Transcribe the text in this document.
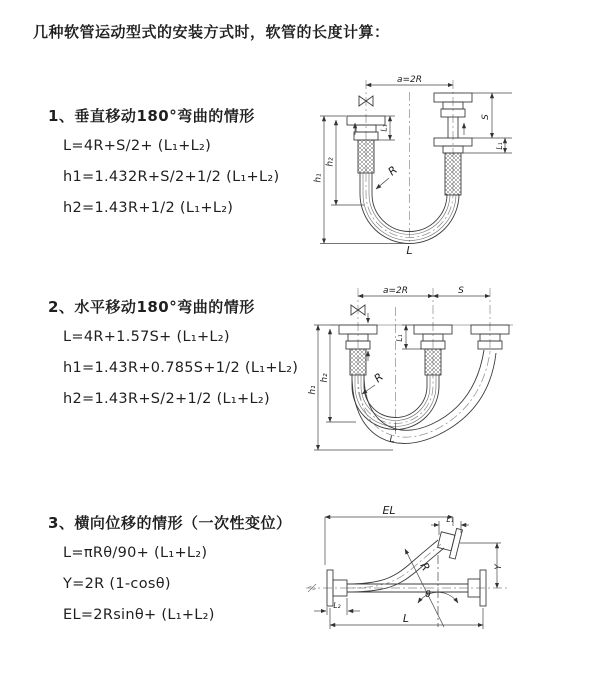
几种软管运动型式的安装方式时，软管的长度计算：
1、垂直移动180°弯曲的情形
L=4R+S/2+ (L₁+L₂)
h1=1.432R+S/2+1/2 (L₁+L₂)
h2=1.43R+1/2 (L₁+L₂)
a=2R
S
L₁
L₁
h₁
h₂
R
L
2、水平移动180°弯曲的情形
L=4R+1.57S+ (L₁+L₂)
h1=1.43R+0.785S+1/2 (L₁+L₂)
h2=1.43R+S/2+1/2 (L₁+L₂)
a=2R	S
h₁
h₂
L₁
R
L
3、横向位移的情形（一次性变位）
L=πRθ/90+ (L₁+L₂)
Y=2R (1-cosθ)
EL=2Rsinθ+ (L₁+L₂)
R
θ
EL
L₁
Y
L
L₂
